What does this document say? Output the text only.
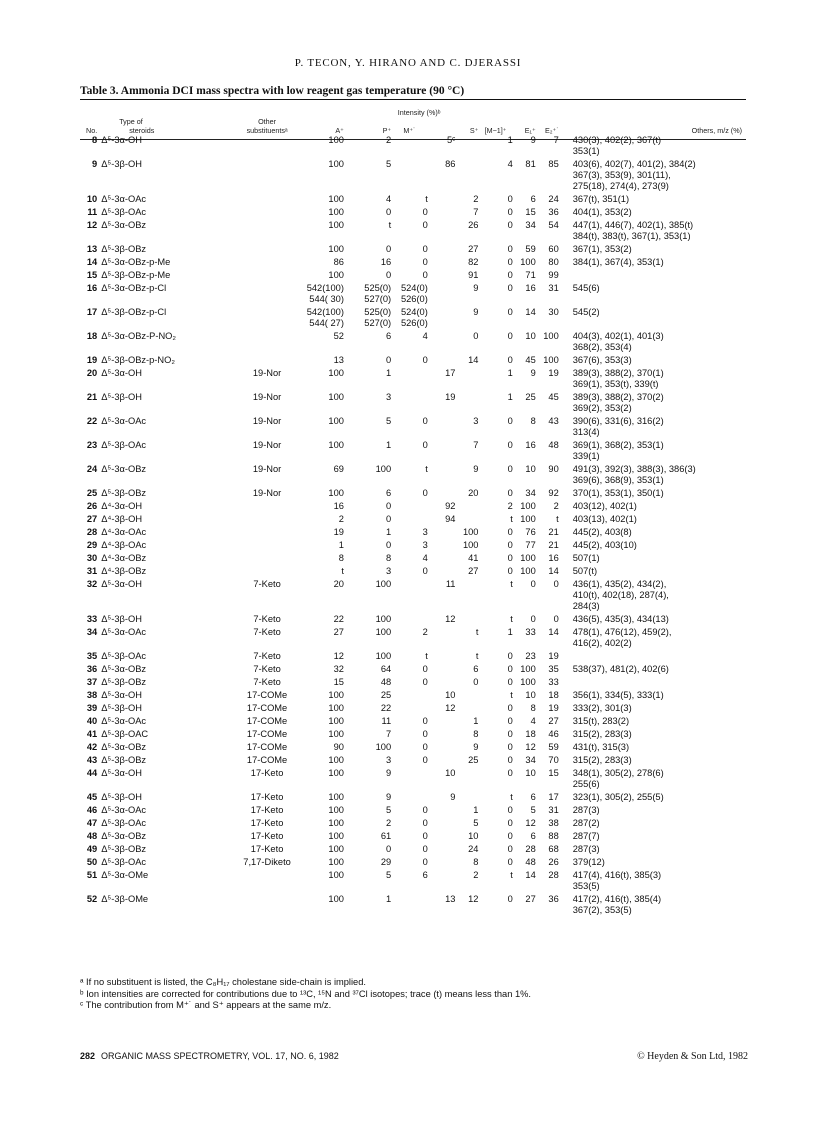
P. TECON, Y. HIRANO AND C. DJERASSI
Table 3. Ammonia DCI mass spectra with low reagent gas temperature (90 °C)
			Intensity (%)ᵇ								
	Type of	Other									
No.	steroids	substituentsᵃ	A⁺	P⁺	M⁺˙		S⁺	[M−1]⁺	E₁⁺	E₂⁺˙	Others, m/z (%)
8	Δ⁵-3α-OH		100	2		5ᶜ		1	9	7	430(3), 402(2), 367(t)
											353(1)
9	Δ⁵-3β-OH		100	5		86		4	81	85	403(6), 402(7), 401(2), 384(2)
											367(3), 353(9), 301(11),
											275(18), 274(4), 273(9)
10	Δ⁵-3α-OAc		100	4	t		2	0	6	24	367(t), 351(1)
11	Δ⁵-3β-OAc		100	0	0		7	0	15	36	404(1), 353(2)
12	Δ⁵-3α-OBz		100	t	0		26	0	34	54	447(1), 446(7), 402(1), 385(t)
											384(t), 383(t), 367(1), 353(1)
13	Δ⁵-3β-OBz		100	0	0		27	0	59	60	367(1), 353(2)
14	Δ⁵-3α-OBz-p-Me		86	16	0		82	0	100	80	384(1), 367(4), 353(1)
15	Δ⁵-3β-OBz-p-Me		100	0	0		91	0	71	99	
16	Δ⁵-3α-OBz-p-Cl		542(100)	525(0)	524(0)		9	0	16	31	545(6)
			544( 30)	527(0)	526(0)						
17	Δ⁵-3β-OBz-p-Cl		542(100)	525(0)	524(0)		9	0	14	30	545(2)
			544( 27)	527(0)	526(0)						
18	Δ⁵-3α-OBz-P-NO₂		52	6	4		0	0	10	100	404(3), 402(1), 401(3)
											368(2), 353(4)
19	Δ⁵-3β-OBz-p-NO₂		13	0	0		14	0	45	100	367(6), 353(3)
20	Δ⁵-3α-OH	19-Nor	100	1		17		1	9	19	389(3), 388(2), 370(1)
											369(1), 353(t), 339(t)
21	Δ⁵-3β-OH	19-Nor	100	3		19		1	25	45	389(3), 388(2), 370(2)
											369(2), 353(2)
22	Δ⁵-3α-OAc	19-Nor	100	5	0		3	0	8	43	390(6), 331(6), 316(2)
											313(4)
23	Δ⁵-3β-OAc	19-Nor	100	1	0		7	0	16	48	369(1), 368(2), 353(1)
											339(1)
24	Δ⁵-3α-OBz	19-Nor	69	100	t		9	0	10	90	491(3), 392(3), 388(3), 386(3)
											369(6), 368(9), 353(1)
25	Δ⁵-3β-OBz	19-Nor	100	6	0		20	0	34	92	370(1), 353(1), 350(1)
26	Δ⁴-3α-OH		16	0		92		2	100	2	403(12), 402(1)
27	Δ⁴-3β-OH		2	0		94		t	100	t	403(13), 402(1)
28	Δ⁴-3α-OAc		19	1	3		100	0	76	21	445(2), 403(8)
29	Δ⁴-3β-OAc		1	0	3		100	0	77	21	445(2), 403(10)
30	Δ⁴-3α-OBz		8	8	4		41	0	100	16	507(1)
31	Δ⁴-3β-OBz		t	3	0		27	0	100	14	507(t)
32	Δ⁵-3α-OH	7-Keto	20	100		11		t	0	0	436(1), 435(2), 434(2),
											410(t), 402(18), 287(4),
											284(3)
33	Δ⁵-3β-OH	7-Keto	22	100		12		t	0	0	436(5), 435(3), 434(13)
34	Δ⁵-3α-OAc	7-Keto	27	100	2		t	1	33	14	478(1), 476(12), 459(2),
											416(2), 402(2)
35	Δ⁵-3β-OAc	7-Keto	12	100	t		t	0	23	19	
36	Δ⁵-3α-OBz	7-Keto	32	64	0		6	0	100	35	538(37), 481(2), 402(6)
37	Δ⁵-3β-OBz	7-Keto	15	48	0		0	0	100	33	
38	Δ⁵-3α-OH	17-COMe	100	25		10		t	10	18	356(1), 334(5), 333(1)
39	Δ⁵-3β-OH	17-COMe	100	22		12		0	8	19	333(2), 301(3)
40	Δ⁵-3α-OAc	17-COMe	100	11	0		1	0	4	27	315(t), 283(2)
41	Δ⁵-3β-OAC	17-COMe	100	7	0		8	0	18	46	315(2), 283(3)
42	Δ⁵-3α-OBz	17-COMe	90	100	0		9	0	12	59	431(t), 315(3)
43	Δ⁵-3β-OBz	17-COMe	100	3	0		25	0	34	70	315(2), 283(3)
44	Δ⁵-3α-OH	17-Keto	100	9		10		0	10	15	348(1), 305(2), 278(6)
											255(6)
45	Δ⁵-3β-OH	17-Keto	100	9		9		t	6	17	323(1), 305(2), 255(5)
46	Δ⁵-3α-OAc	17-Keto	100	5	0		1	0	5	31	287(3)
47	Δ⁵-3β-OAc	17-Keto	100	2	0		5	0	12	38	287(2)
48	Δ⁵-3α-OBz	17-Keto	100	61	0		10	0	6	88	287(7)
49	Δ⁵-3β-OBz	17-Keto	100	0	0		24	0	28	68	287(3)
50	Δ⁵-3β-OAc	7,17-Diketo	100	29	0		8	0	48	26	379(12)
51	Δ⁵-3α-OMe		100	5	6		2	t	14	28	417(4), 416(t), 385(3)
											353(5)
52	Δ⁵-3β-OMe		100	1		13	12	0	27	36	417(2), 416(t), 385(4)
											367(2), 353(5)
ᵃ If no substituent is listed, the C₈H₁₇ cholestane side-chain is implied.
ᵇ Ion intensities are corrected for contributions due to ¹³C, ¹⁵N and ³⁷Cl isotopes; trace (t) means less than 1%.
ᶜ The contribution from M⁺˙ and S⁺ appears at the same m/z.
282 ORGANIC MASS SPECTROMETRY, VOL. 17, NO. 6, 1982	© Heyden & Son Ltd, 1982
